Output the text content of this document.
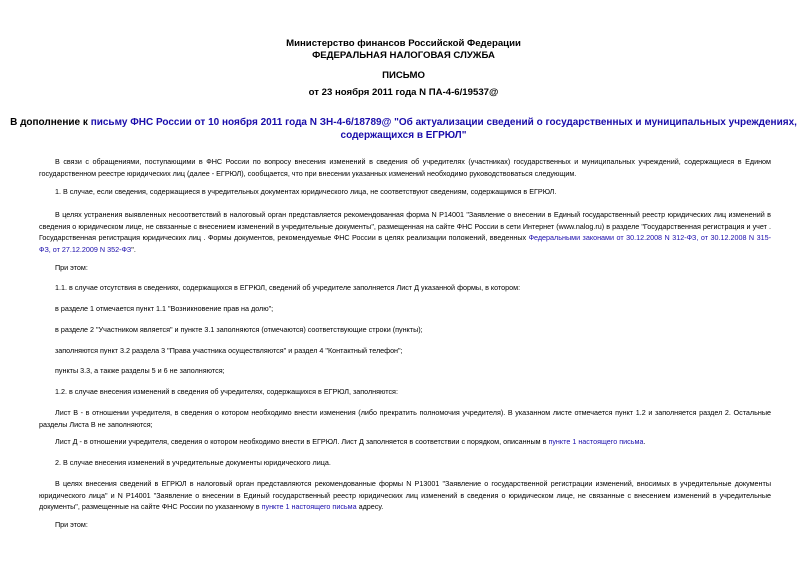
Министерство финансов Российской Федерации
ФЕДЕРАЛЬНАЯ НАЛОГОВАЯ СЛУЖБА
ПИСЬМО
от 23 ноября 2011 года N ПА-4-6/19537@
В дополнение к письму ФНС России от 10 ноября 2011 года N ЗН-4-6/18789@ "Об актуализации сведений о государственных и муниципальных учреждениях,
содержащихся в ЕГРЮЛ"
В связи с обращениями, поступающими в ФНС России по вопросу внесения изменений в сведения об учредителях (участниках) государственных и муниципальных учреждений, содержащиеся в Едином государственном реестре юридических лиц (далее - ЕГРЮЛ), сообщается, что при внесении указанных изменений необходимо руководствоваться следующим.
1. В случае, если сведения, содержащиеся в учредительных документах юридического лица, не соответствуют сведениям, содержащимся в ЕГРЮЛ.
В целях устранения выявленных несоответствий в налоговый орган представляется рекомендованная форма N Р14001 "Заявление о внесении в Единый государственный реестр юридических лиц изменений в сведения о юридическом лице, не связанные с внесением изменений в учредительные документы", размещенная на сайте ФНС России в сети Интернет (www.nalog.ru) в разделе "Государственная регистрация и учет . Государственная регистрация юридических лиц . Формы документов, рекомендуемые ФНС России в целях реализации положений, введенных Федеральными законами от 30.12.2008 N 312-ФЗ, от 30.12.2008 N 315-ФЗ, от 27.12.2009 N 352-ФЗ".
При этом:
1.1. в случае отсутствия в сведениях, содержащихся в ЕГРЮЛ, сведений об учредителе заполняется Лист Д указанной формы, в котором:
в разделе 1 отмечается пункт 1.1 "Возникновение прав на долю";
в разделе 2 "Участником является" и пункте 3.1 заполняются (отмечаются) соответствующие строки (пункты);
заполняются пункт 3.2 раздела 3 "Права участника осуществляются" и раздел 4 "Контактный телефон";
пункты 3.3, а также разделы 5 и 6 не заполняются;
1.2. в случае внесения изменений в сведения об учредителях, содержащихся в ЕГРЮЛ, заполняются:
Лист В - в отношении учредителя, в сведения о котором необходимо внести изменения (либо прекратить полномочия учредителя). В указанном листе отмечается пункт 1.2 и заполняется раздел 2. Остальные разделы Листа В не заполняются;
Лист Д - в отношении учредителя, сведения о котором необходимо внести в ЕГРЮЛ. Лист Д заполняется в соответствии с порядком, описанным в пункте 1 настоящего письма.
2. В случае внесения изменений в учредительные документы юридического лица.
В целях внесения сведений в ЕГРЮЛ в налоговый орган представляются рекомендованные формы N Р13001 "Заявление о государственной регистрации изменений, вносимых в учредительные документы юридического лица" и N Р14001 "Заявление о внесении в Единый государственный реестр юридических лиц изменений в сведения о юридическом лице, не связанные с внесением изменений в учредительные документы", размещенные на сайте ФНС России по указанному в пункте 1 настоящего письма адресу.
При этом:
